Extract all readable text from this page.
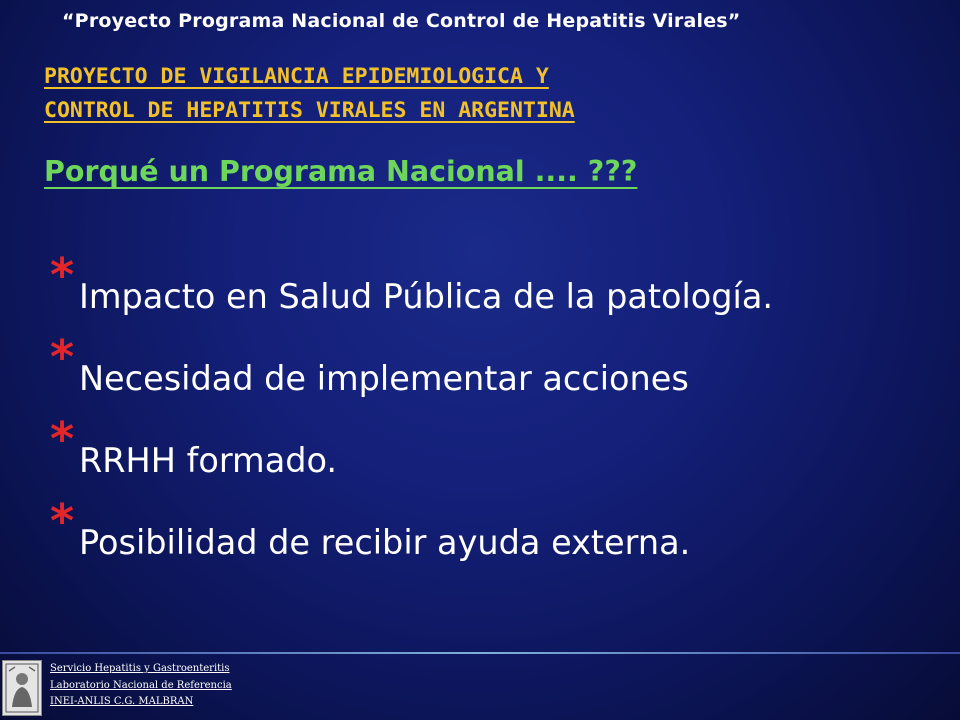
“Proyecto Programa Nacional de Control de Hepatitis Virales”
PROYECTO DE VIGILANCIA EPIDEMIOLOGICA Y
CONTROL DE HEPATITIS VIRALES EN ARGENTINA
Porqué un Programa Nacional .... ???
* Impacto en Salud Pública de la patología.
* Necesidad de implementar acciones
* RRHH formado.
* Posibilidad de recibir ayuda externa.
Servicio Hepatitis y Gastroenteritis
Laboratorio Nacional de Referencia
INEI-ANLIS C.G. MALBRAN
